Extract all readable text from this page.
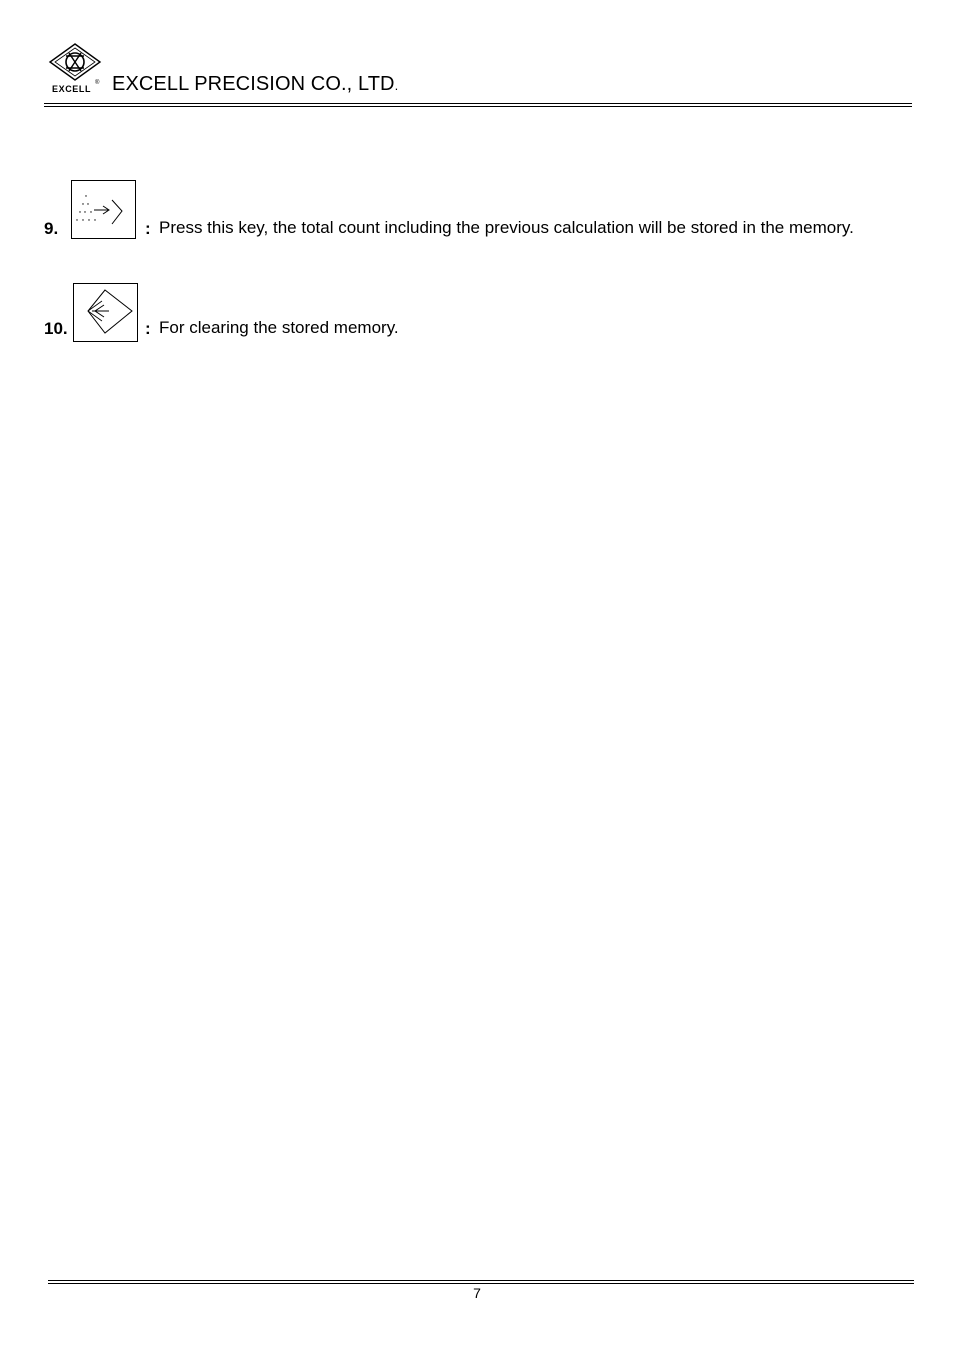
EXCELL
® EXCELL PRECISION CO., LTD.
9.	: Press this key, the total count including the previous calculation will be stored in the memory.
10.	: For clearing the stored memory.
7
